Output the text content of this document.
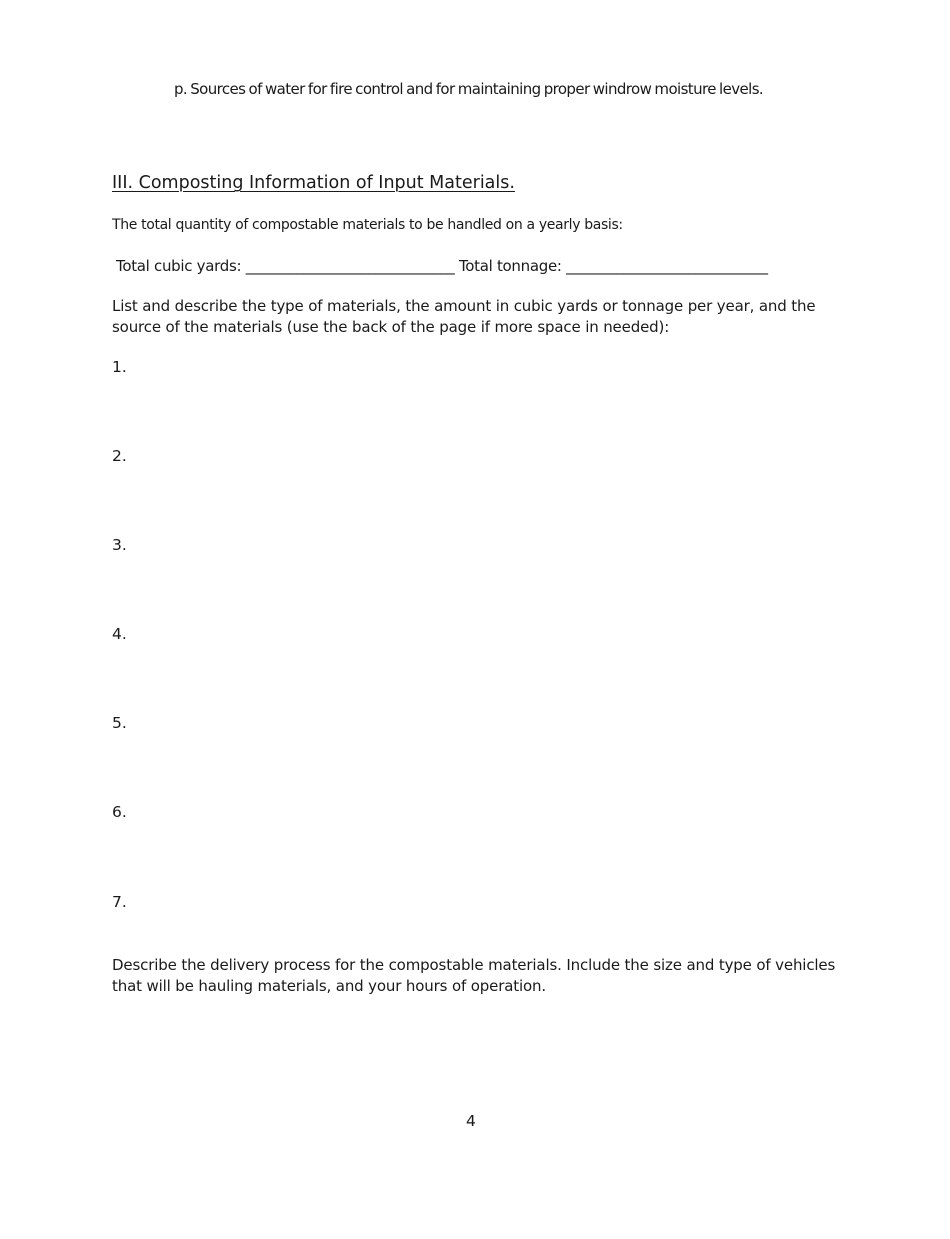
p. Sources of water for fire control and for maintaining proper windrow moisture levels.
III. Composting Information of Input Materials.
The total quantity of compostable materials to be handled on a yearly basis:
Total cubic yards: _____________________________ Total tonnage: ____________________________
List and describe the type of materials, the amount in cubic yards or tonnage per year, and the source of the materials (use the back of the page if more space in needed):
1.
2.
3.
4.
5.
6.
7.
Describe the delivery process for the compostable materials. Include the size and type of vehicles that will be hauling materials, and your hours of operation.
4
